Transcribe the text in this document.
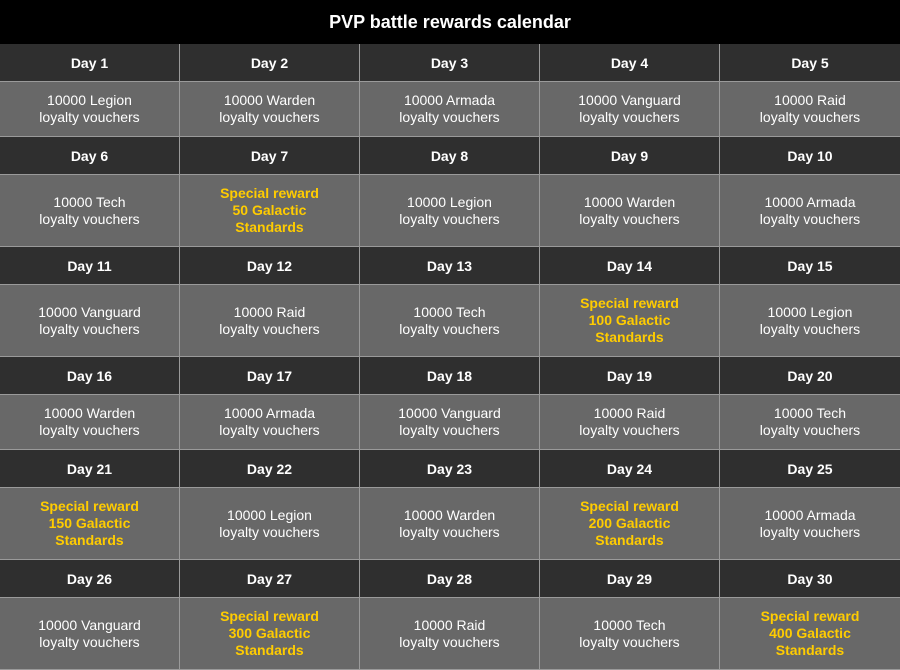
PVP battle rewards calendar
Day 1
10000 Legion
loyalty vouchers
Day 2
10000 Warden
loyalty vouchers
Day 3
10000 Armada
loyalty vouchers
Day 4
10000 Vanguard
loyalty vouchers
Day 5
10000 Raid
loyalty vouchers
Day 6
10000 Tech
loyalty vouchers
Day 7
Special reward
50 Galactic
Standards
Day 8
10000 Legion
loyalty vouchers
Day 9
10000 Warden
loyalty vouchers
Day 10
10000 Armada
loyalty vouchers
Day 11
10000 Vanguard
loyalty vouchers
Day 12
10000 Raid
loyalty vouchers
Day 13
10000 Tech
loyalty vouchers
Day 14
Special reward
100 Galactic
Standards
Day 15
10000 Legion
loyalty vouchers
Day 16
10000 Warden
loyalty vouchers
Day 17
10000 Armada
loyalty vouchers
Day 18
10000 Vanguard
loyalty vouchers
Day 19
10000 Raid
loyalty vouchers
Day 20
10000 Tech
loyalty vouchers
Day 21
Special reward
150 Galactic
Standards
Day 22
10000 Legion
loyalty vouchers
Day 23
10000 Warden
loyalty vouchers
Day 24
Special reward
200 Galactic
Standards
Day 25
10000 Armada
loyalty vouchers
Day 26
10000 Vanguard
loyalty vouchers
Day 27
Special reward
300 Galactic
Standards
Day 28
10000 Raid
loyalty vouchers
Day 29
10000 Tech
loyalty vouchers
Day 30
Special reward
400 Galactic
Standards
